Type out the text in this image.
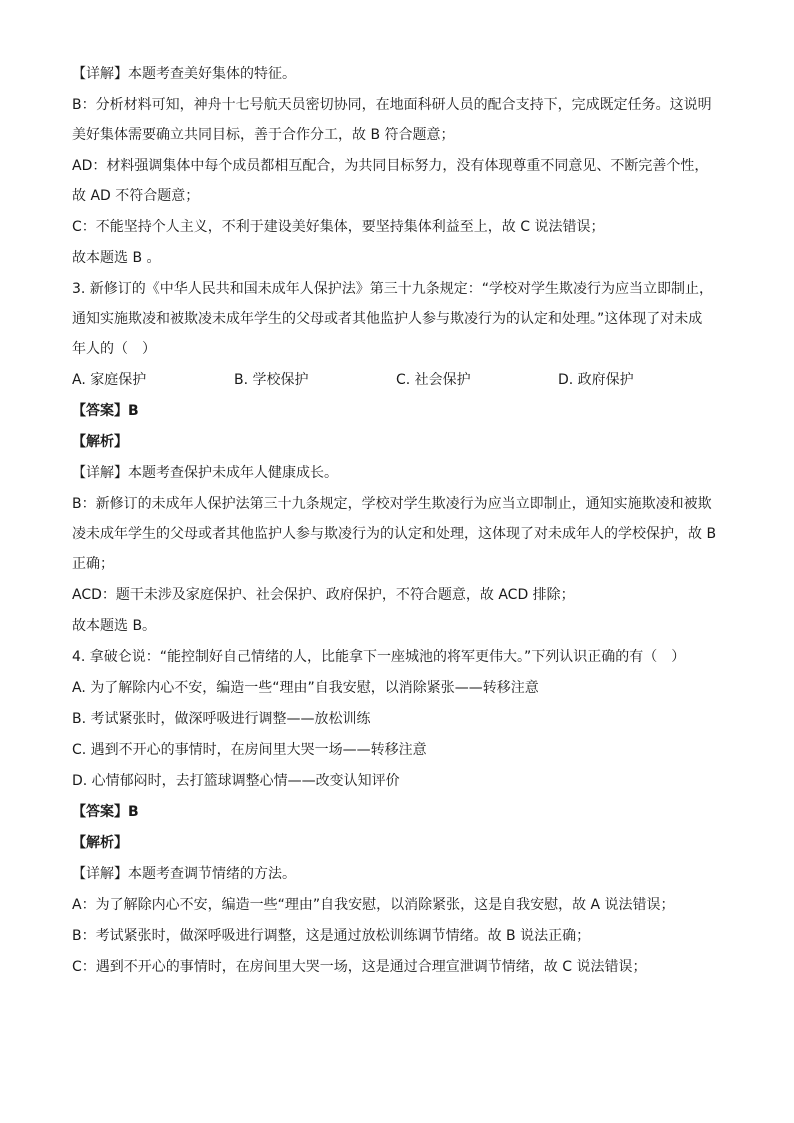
【详解】本题考查美好集体的特征。
B：分析材料可知，神舟十七号航天员密切协同，在地面科研人员的配合支持下，完成既定任务。这说明
美好集体需要确立共同目标，善于合作分工，故 B 符合题意；
AD：材料强调集体中每个成员都相互配合，为共同目标努力，没有体现尊重不同意见、不断完善个性，
故 AD 不符合题意；
C：不能坚持个人主义，不利于建设美好集体，要坚持集体利益至上，故 C 说法错误；
故本题选 B 。
3. 新修订的《中华人民共和国未成年人保护法》第三十九条规定：“学校对学生欺凌行为应当立即制止，
通知实施欺凌和被欺凌未成年学生的父母或者其他监护人参与欺凌行为的认定和处理。”这体现了对未成
年人的（　）
A. 家庭保护	B. 学校保护	C. 社会保护	D. 政府保护
【答案】B
【解析】
【详解】本题考查保护未成年人健康成长。
B：新修订的未成年人保护法第三十九条规定，学校对学生欺凌行为应当立即制止，通知实施欺凌和被欺
凌未成年学生的父母或者其他监护人参与欺凌行为的认定和处理，这体现了对未成年人的学校保护，故 B
正确；
ACD：题干未涉及家庭保护、社会保护、政府保护，不符合题意，故 ACD 排除；
故本题选 B。
4. 拿破仑说：“能控制好自己情绪的人，比能拿下一座城池的将军更伟大。”下列认识正确的有（　）
A. 为了解除内心不安，编造一些“理由”自我安慰，以消除紧张——转移注意
B. 考试紧张时，做深呼吸进行调整——放松训练
C. 遇到不开心的事情时，在房间里大哭一场——转移注意
D. 心情郁闷时，去打篮球调整心情——改变认知评价
【答案】B
【解析】
【详解】本题考查调节情绪的方法。
A：为了解除内心不安，编造一些“理由”自我安慰，以消除紧张，这是自我安慰，故 A 说法错误；
B：考试紧张时，做深呼吸进行调整，这是通过放松训练调节情绪。故 B 说法正确；
C：遇到不开心的事情时，在房间里大哭一场，这是通过合理宣泄调节情绪，故 C 说法错误；
